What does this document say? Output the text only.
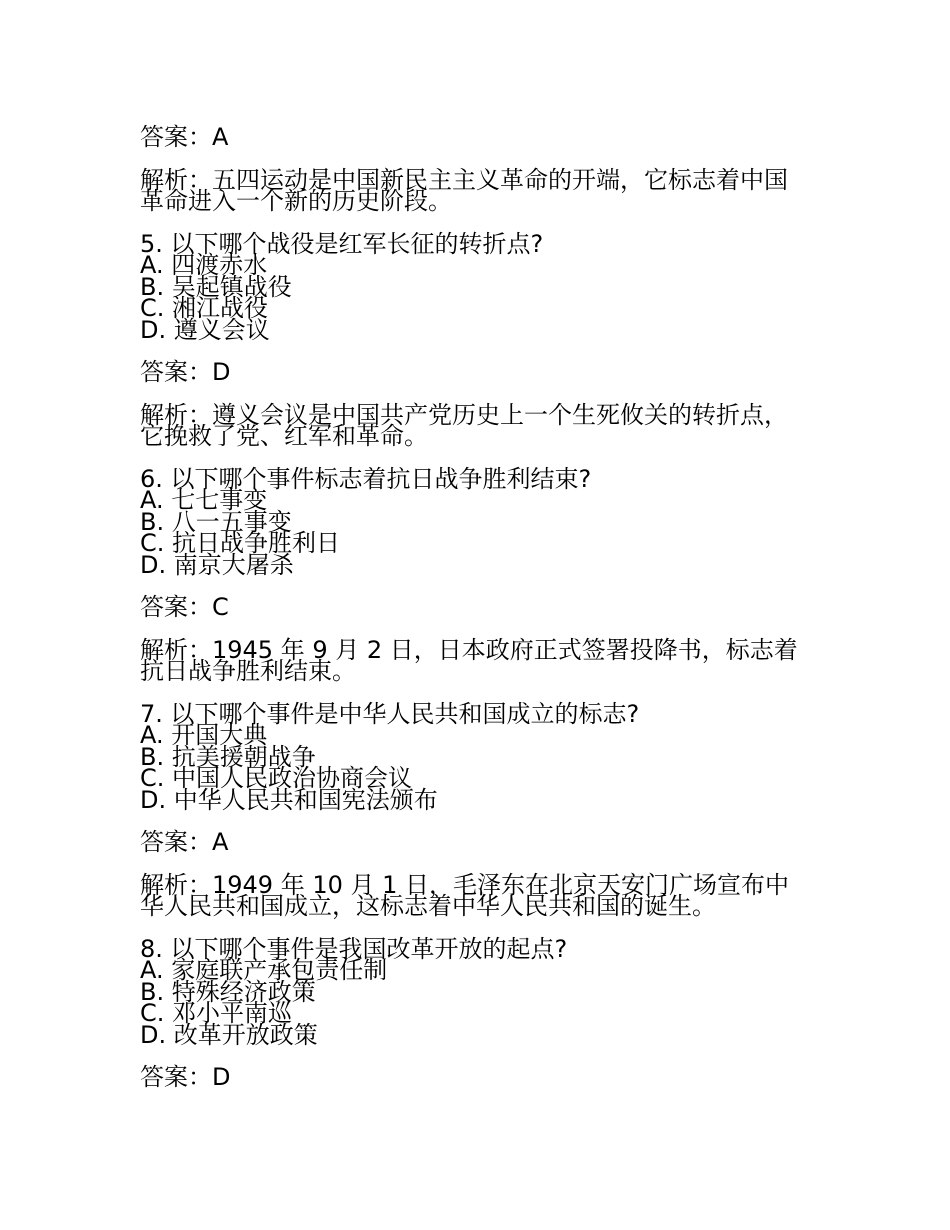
答案：A
解析：五四运动是中国新民主主义革命的开端，它标志着中国
革命进入一个新的历史阶段。
5. 以下哪个战役是红军长征的转折点?
A. 四渡赤水
B. 吴起镇战役
C. 湘江战役
D. 遵义会议
答案：D
解析：遵义会议是中国共产党历史上一个生死攸关的转折点，
它挽救了党、红军和革命。
6. 以下哪个事件标志着抗日战争胜利结束?
A. 七七事变
B. 八一五事变
C. 抗日战争胜利日
D. 南京大屠杀
答案：C
解析：1945 年 9 月 2 日，日本政府正式签署投降书，标志着
抗日战争胜利结束。
7. 以下哪个事件是中华人民共和国成立的标志?
A. 开国大典
B. 抗美援朝战争
C. 中国人民政治协商会议
D. 中华人民共和国宪法颁布
答案：A
解析：1949 年 10 月 1 日，毛泽东在北京天安门广场宣布中
华人民共和国成立，这标志着中华人民共和国的诞生。
8. 以下哪个事件是我国改革开放的起点?
A. 家庭联产承包责任制
B. 特殊经济政策
C. 邓小平南巡
D. 改革开放政策
答案：D
